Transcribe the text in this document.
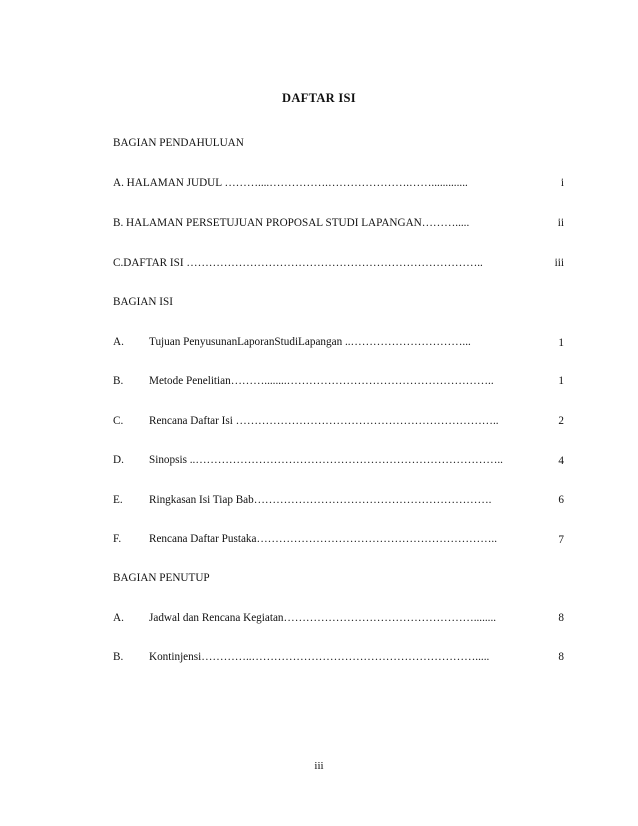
DAFTAR ISI
BAGIAN PENDAHULUAN
A. HALAMAN JUDUL ………....…………….………………….…….............	i
B. HALAMAN PERSETUJUAN PROPOSAL STUDI LAPANGAN……….....	ii
C.DAFTAR ISI ……………………………………………………………………..	iii
BAGIAN ISI
A. Tujuan PenyusunanLaporanStudiLapangan ..…………………………...	1
B. Metode Penelitian………........………………………………………………..	1
C. Rencana Daftar Isi ……………………………………………………………..	2
D. Sinopsis ..………………………………………………………………………..	4
E. Ringkasan Isi Tiap Bab……………………………………………………….	6
F. Rencana Daftar Pustaka………………………………………………………..	7
BAGIAN PENUTUP
A. Jadwal dan Rencana Kegiatan……………………………………………........	8
B. Kontinjensi…………..…………………………………………………….....	8
iii
